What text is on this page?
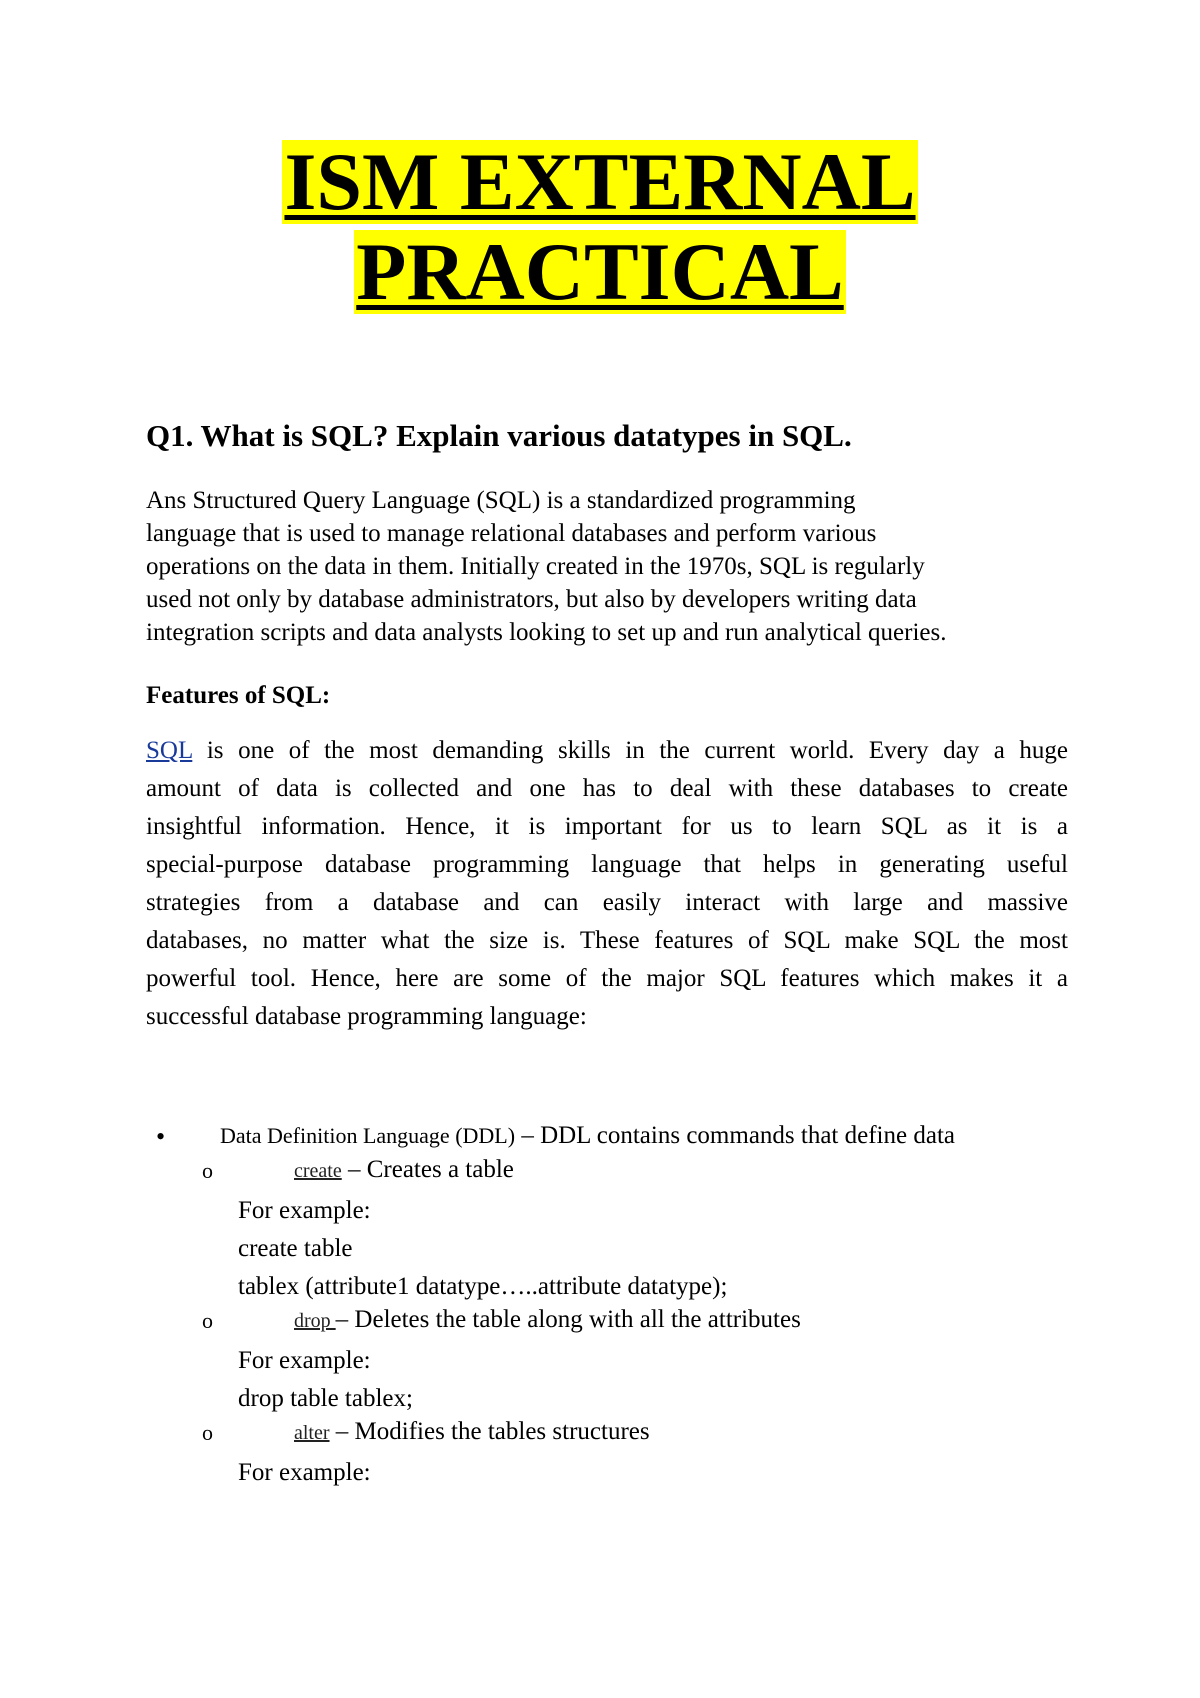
ISM EXTERNAL
PRACTICAL
Q1. What is SQL? Explain various datatypes in SQL.
Ans Structured Query Language (SQL) is a standardized programming
language that is used to manage relational databases and perform various
operations on the data in them. Initially created in the 1970s, SQL is regularly
used not only by database administrators, but also by developers writing data
integration scripts and data analysts looking to set up and run analytical queries.
Features of SQL:
SQL is one of the most demanding skills in the current world. Every day a huge
amount of data is collected and one has to deal with these databases to create
insightful information. Hence, it is important for us to learn SQL as it is a
special-purpose database programming language that helps in generating useful
strategies from a database and can easily interact with large and massive
databases, no matter what the size is. These features of SQL make SQL the most
powerful tool. Hence, here are some of the major SQL features which makes it a
successful database programming language:
• Data Definition Language (DDL) – DDL contains commands that define data
o	create – Creates a table
For example:
create table
tablex (attribute1 datatype…..attribute datatype);
o	drop – Deletes the table along with all the attributes
For example:
drop table tablex;
o	alter – Modifies the tables structures
For example:
